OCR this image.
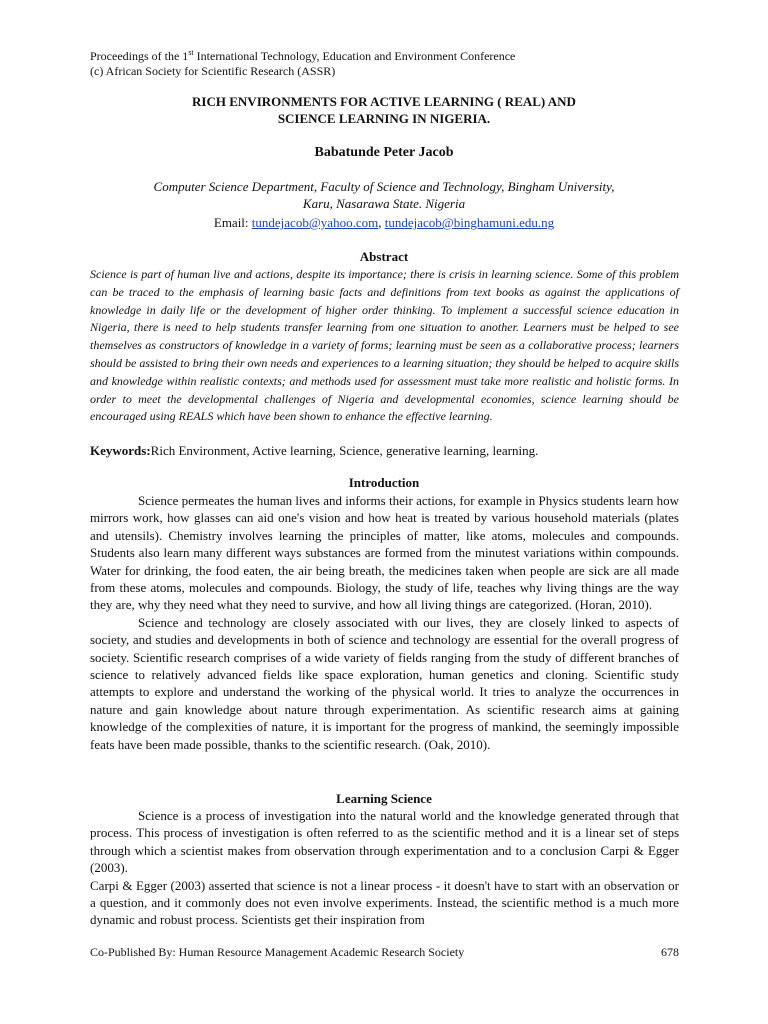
Proceedings of the 1st International Technology, Education and Environment Conference
(c) African Society for Scientific Research (ASSR)
RICH ENVIRONMENTS FOR ACTIVE LEARNING ( REAL) AND
SCIENCE LEARNING IN NIGERIA.
Babatunde Peter Jacob
Computer Science Department, Faculty of Science and Technology, Bingham University,
Karu, Nasarawa State. Nigeria
Email: tundejacob@yahoo.com, tundejacob@binghamuni.edu.ng
Abstract

Science is part of human live and actions, despite its importance; there is crisis in learning science. Some of this problem can be traced to the emphasis of learning basic facts and definitions from text books as against the applications of knowledge in daily life or the development of higher order thinking. To implement a successful science education in Nigeria, there is need to help students transfer learning from one situation to another. Learners must be helped to see themselves as constructors of knowledge in a variety of forms; learning must be seen as a collaborative process; learners should be assisted to bring their own needs and experiences to a learning situation; they should be helped to acquire skills and knowledge within realistic contexts; and methods used for assessment must take more realistic and holistic forms. In order to meet the developmental challenges of Nigeria and developmental economies, science learning should be encouraged using REALS which have been shown to enhance the effective learning.

Keywords:Rich Environment, Active learning, Science, generative learning, learning.

Introduction

Science permeates the human lives and informs their actions, for example in Physics students learn how mirrors work, how glasses can aid one's vision and how heat is treated by various household materials (plates and utensils). Chemistry involves learning the principles of matter, like atoms, molecules and compounds. Students also learn many different ways substances are formed from the minutest variations within compounds. Water for drinking, the food eaten, the air being breath, the medicines taken when people are sick are all made from these atoms, molecules and compounds. Biology, the study of life, teaches why living things are the way they are, why they need what they need to survive, and how all living things are categorized. (Horan, 2010).

Science and technology are closely associated with our lives, they are closely linked to aspects of society, and studies and developments in both of science and technology are essential for the overall progress of society. Scientific research comprises of a wide variety of fields ranging from the study of different branches of science to relatively advanced fields like space exploration, human genetics and cloning. Scientific study attempts to explore and understand the working of the physical world. It tries to analyze the occurrences in nature and gain knowledge about nature through experimentation. As scientific research aims at gaining knowledge of the complexities of nature, it is important for the progress of mankind, the seemingly impossible feats have been made possible, thanks to the scientific research. (Oak, 2010).

Learning Science

Science is a process of investigation into the natural world and the knowledge generated through that process. This process of investigation is often referred to as the scientific method and it is a linear set of steps through which a scientist makes from observation through experimentation and to a conclusion Carpi & Egger (2003).

Carpi & Egger (2003) asserted that science is not a linear process - it doesn't have to start with an observation or a question, and it commonly does not even involve experiments. Instead, the scientific method is a much more dynamic and robust process. Scientists get their inspiration from

Co-Published By: Human Resource Management Academic Research Society	678
